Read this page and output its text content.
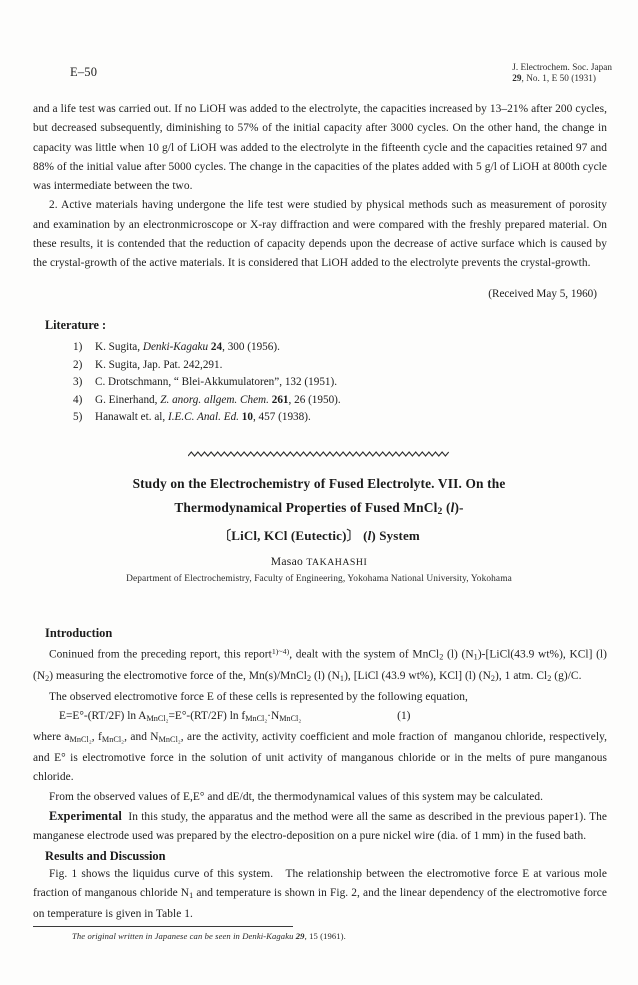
E–50	J. Electrochem. Soc. Japan
29, No. 1, E 50 (1931)

and a life test was carried out. If no LiOH was added to the electrolyte, the capacities increased by 13–21% after 200 cycles, but decreased subsequently, diminishing to 57% of the initial capacity after 3000 cycles. On the other hand, the change in capacity was little when 10 g/l of LiOH was added to the electrolyte in the fifteenth cycle and the capacities retained 97 and 88% of the initial value after 5000 cycles. The change in the capacities of the plates added with 5 g/l of LiOH at 800th cycle was intermediate between the two.

2. Active materials having undergone the life test were studied by physical methods such as measurement of porosity and examination by an electronmicroscope or X-ray diffraction and were compared with the freshly prepared material. On these results, it is contended that the reduction of capacity depends upon the decrease of active surface which is caused by the crystal-growth of the active materials. It is considered that LiOH added to the electrolyte prevents the crystal-growth.

(Received May 5, 1960)

Literature :
1)	K. Sugita, Denki-Kagaku 24, 300 (1956).
2)	K. Sugita, Jap. Pat. 242,291.
3)	C. Drotschmann, “ Blei-Akkumulatoren”, 132 (1951).
4)	G. Einerhand, Z. anorg. allgem. Chem. 261, 26 (1950).
5)	Hanawalt et. al, I.E.C. Anal. Ed. 10, 457 (1938).
Study on the Electrochemistry of Fused Electrolyte. VII. On the
Thermodynamical Properties of Fused MnCl$_2$ (l)-
〔LiCl, KCl (Eutectic)〕 (l) System
Masao TAKAHASHI
Department of Electrochemistry, Faculty of Engineering, Yokohama National University, Yokohama
Introduction

Coninued from the preceding report, this report$^{1)\sim 4)}$, dealt with the system of MnCl$_2$ (l) $(N_1)-[LiCl(43.9$ wt%), KCl] (l) $(N_2)$ measuring the electromotive force of the, Mn(s)/MnCl$_2$ (l) $(N_1)$, [LiCl (43.9 wt%), KCl] (l) $(N_2)$, 1 atm. $Cl_2$ (g)/C.

The observed electromotive force E of these cells is represented by the following equation,

E=E°-(RT/2F) $\ln A_{MnCl_2}=E^\circ-(RT/2F)$ $\ln f_{MnCl_2}\cdot N_{MnCl_2}$	(1)

where $a_{MnCl_2}$, $f_{MnCl_2}$, and $N_{MnCl_2}$, are the activity, activity coefficient and mole fraction of  manganou chloride, respectively, and E° is electromotive force in the solution of unit activity of manganous chloride or in the melts of pure manganous chloride.

From the observed values of E,E° and dE/dt, the thermodynamical values of this system may be calculated.

Experimental In this study, the apparatus and the method were all the same as described in the previous paper1). The manganese electrode used was prepared by the electro-deposition on a pure nickel wire (dia. of 1 mm) in the fused bath.

Results and Discussion

Fig. 1 shows the liquidus curve of this system.   The relationship between the electromotive force E at various mole fraction of manganous chloride $N_1$ and temperature is shown in Fig. 2, and the linear dependency of the electromotive force on temperature is given in Table 1.

The original written in Japanese can be seen in Denki-Kagaku 29, 15 (1961).
